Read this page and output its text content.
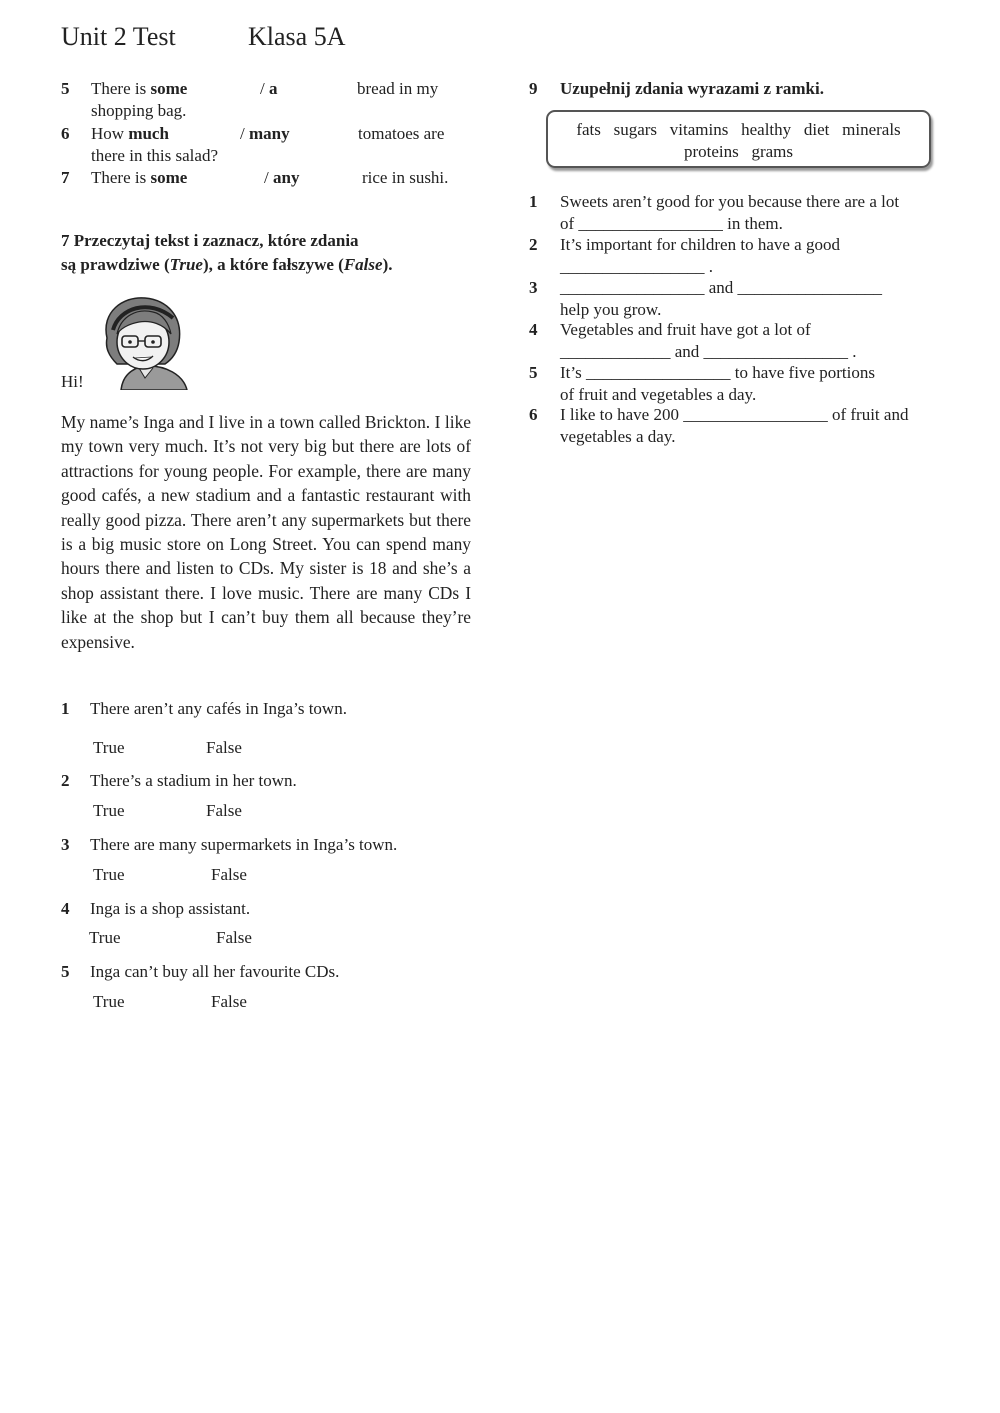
Unit 2 Test	Klasa 5A
5 There is some	/ a	bread in my
shopping bag.
6 How much	/ many	tomatoes are
there in this salad?
7 There is some	/ any	rice in sushi.
7 Przeczytaj tekst i zaznacz, które zdania
są prawdziwe (True), a które fałszywe (False).
Hi!
My name’s Inga and I live in a town called Brickton. I like my town very much. It’s not very big but there are lots of attractions for young people. For example, there are many good cafés, a new stadium and a fantastic restaurant with really good pizza. There aren’t any supermarkets but there is a big music store on Long Street. You can spend many hours there and listen to CDs. My sister is 18 and she’s a shop assistant there. I love music. There are many CDs I like at the shop but I can’t buy them all because they’re expensive.
1 There aren’t any cafés in Inga’s town.
True	False
2 There’s a stadium in her town.
True	False
3 There are many supermarkets in Inga’s town.
True	False
4 Inga is a shop assistant.
True	False
5 Inga can’t buy all her favourite CDs.
True	False
9 Uzupełnij zdania wyrazami z ramki.
fats   sugars   vitamins   healthy   diet   minerals
proteins   grams
1 Sweets aren’t good for you because there are a lot
of _________________ in them.
2 It’s important for children to have a good
_________________ .
3 _________________ and _________________
help you grow.
4 Vegetables and fruit have got a lot of
_____________ and _________________ .
5 It’s _________________ to have five portions
of fruit and vegetables a day.
6 I like to have 200 _________________ of fruit and
vegetables a day.
